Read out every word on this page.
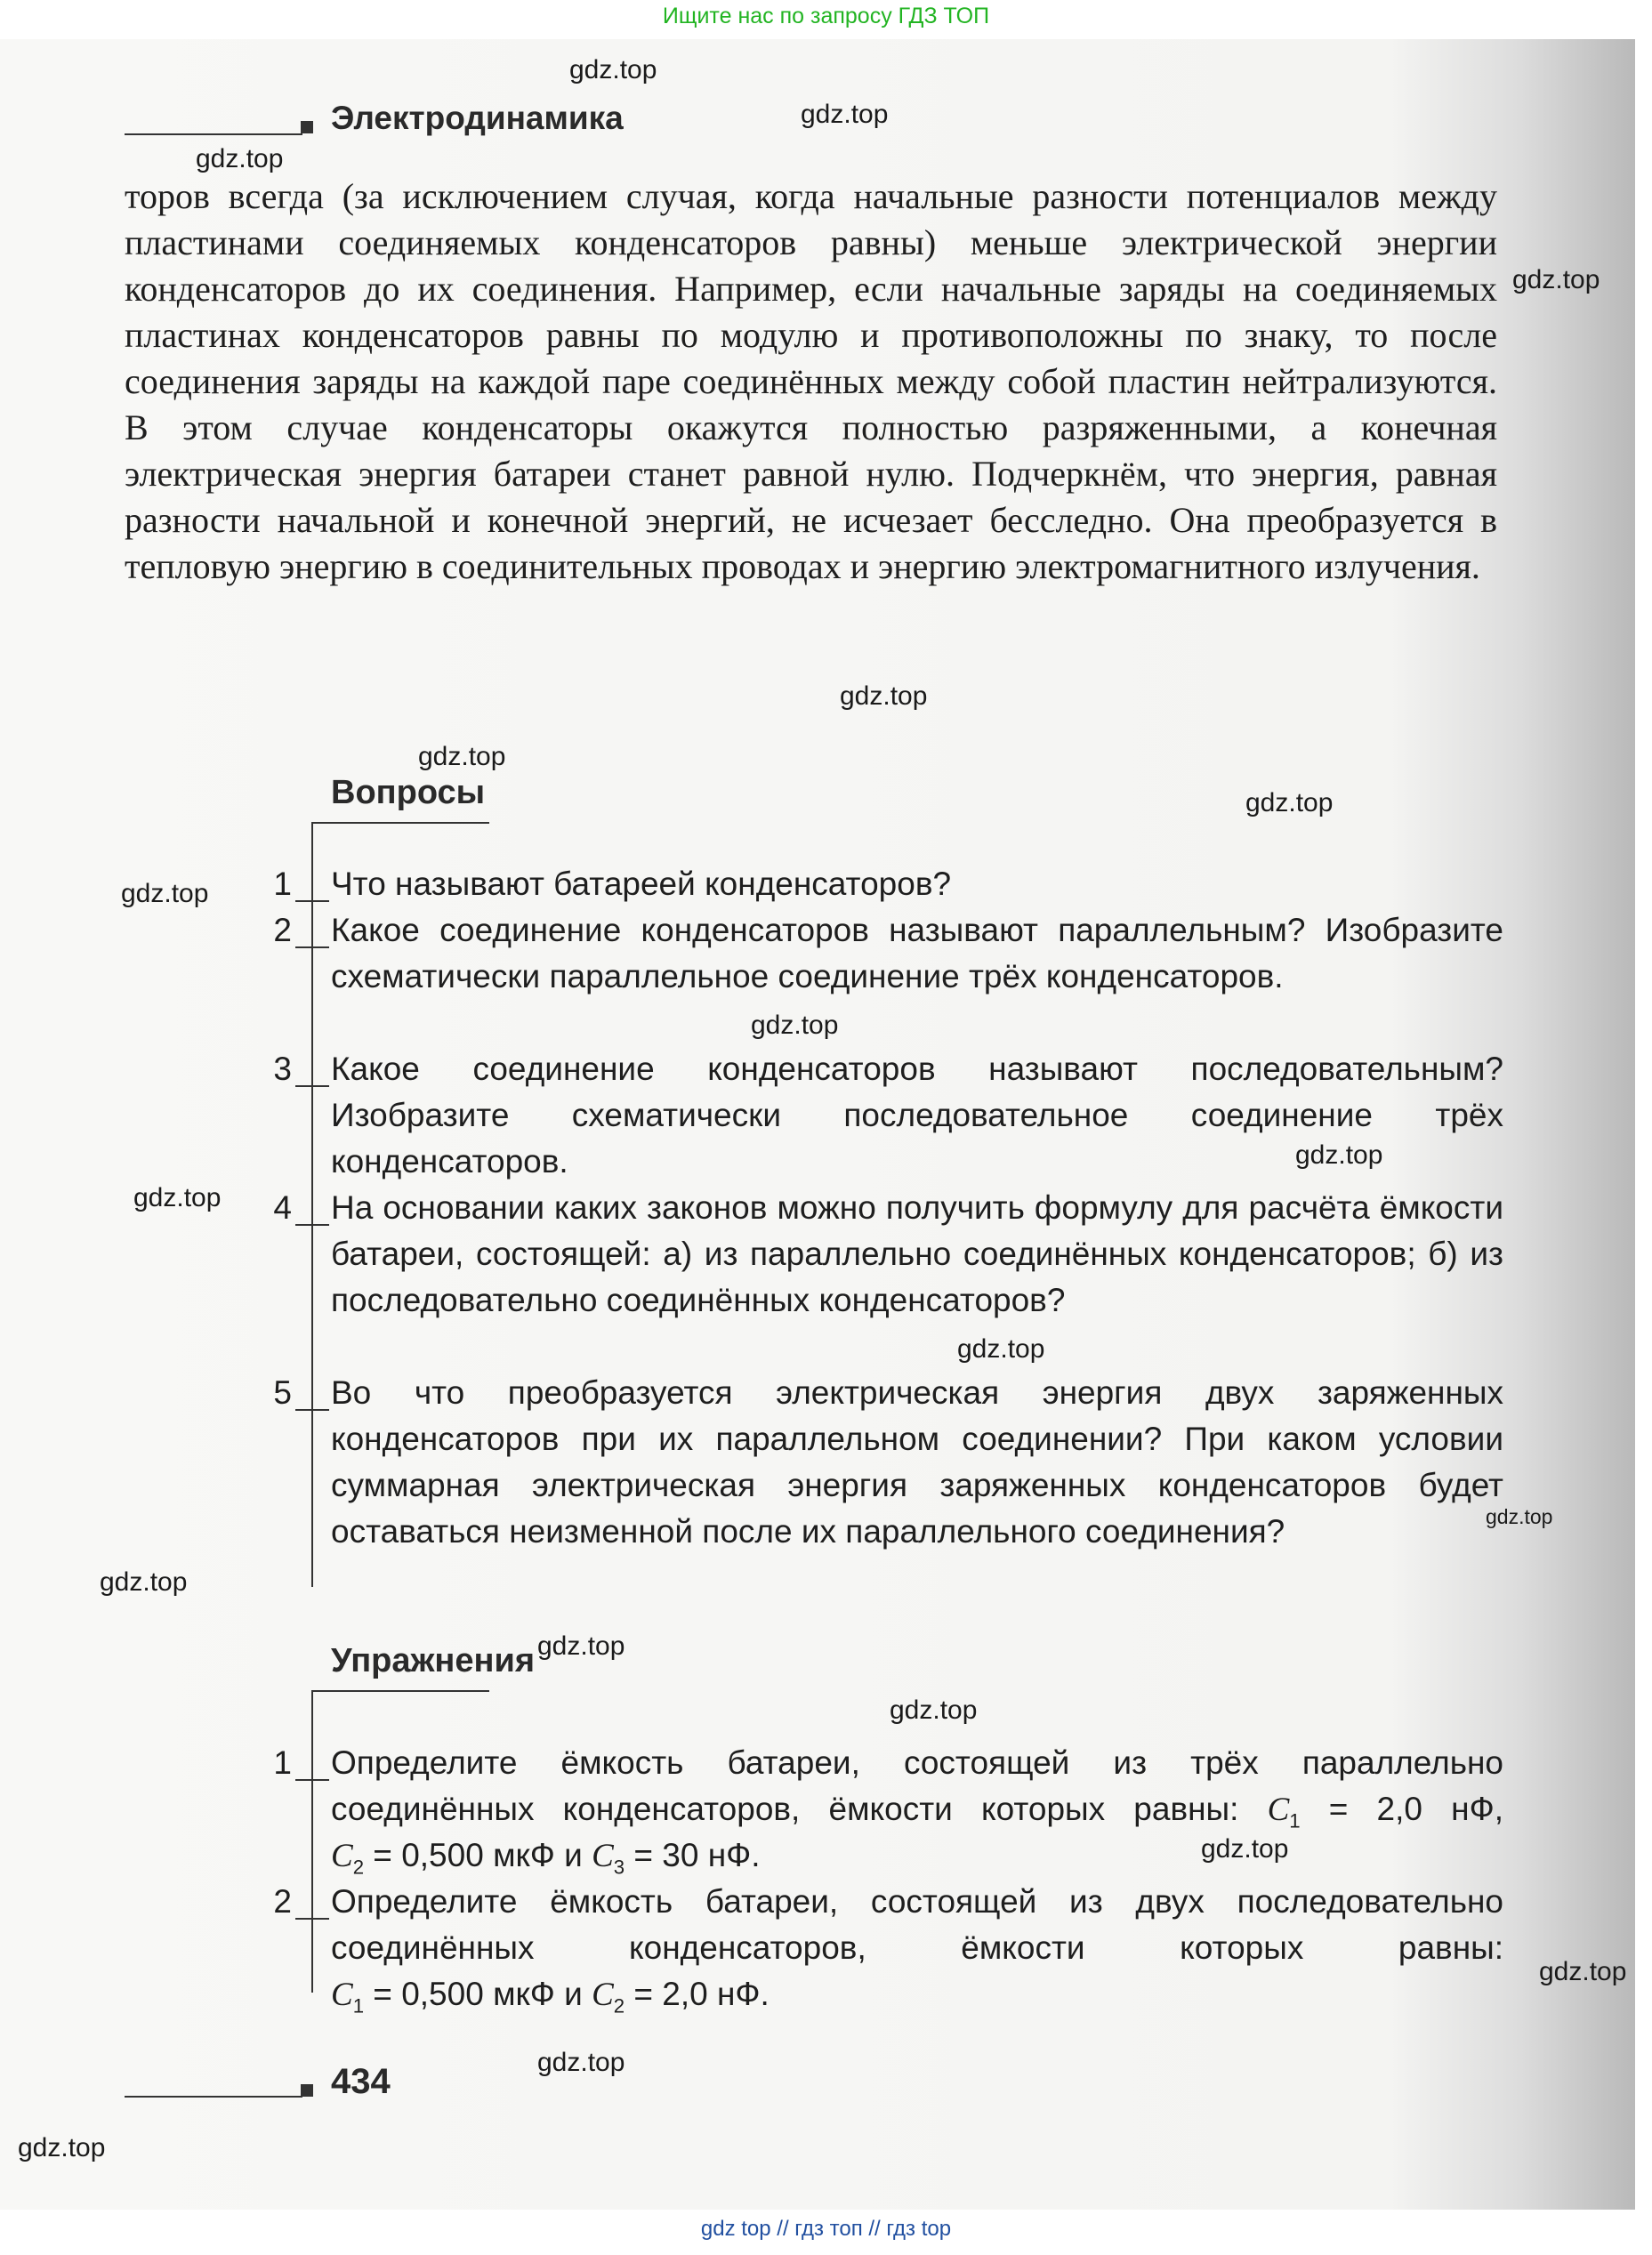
Ищите нас по запросу ГДЗ ТОП
Электродинамика
торов всегда (за исключением случая, когда начальные разности потенциалов между пластинами соединяемых конденсаторов равны) меньше электрической энергии конденсаторов до их соединения. Например, если начальные заряды на соединяемых пластинах конденсаторов равны по модулю и противоположны по знаку, то после соединения заряды на каждой паре соединённых между собой пластин нейтрализуются. В этом случае конденсаторы окажутся полностью разряженными, а конечная электрическая энергия батареи станет равной нулю. Подчеркнём, что энергия, равная разности начальной и конечной энергий, не исчезает бесследно. Она преобразуется в тепловую энергию в соединительных проводах и энергию электромагнитного излучения.
Вопросы
1 Что называют батареей конденсаторов?
2 Какое соединение конденсаторов называют параллельным? Изобразите схематически параллельное соединение трёх конденсаторов.
3 Какое соединение конденсаторов называют последовательным? Изобразите схематически последовательное соединение трёх конденсаторов.
4 На основании каких законов можно получить формулу для расчёта ёмкости батареи, состоящей: а) из параллельно соединённых конденсаторов; б) из последовательно соединённых конденсаторов?
5 Во что преобразуется электрическая энергия двух заряженных конденсаторов при их параллельном соединении? При каком условии суммарная электрическая энергия заряженных конденсаторов будет оставаться неизменной после их параллельного соединения?
Упражнения
1 Определите ёмкость батареи, состоящей из трёх параллельно соединённых конденсаторов, ёмкости которых равны: $C_1 = 2,0$ нФ,
$C_2 = 0,500$ мкФ и $C_3 = 30$ нФ.
2 Определите ёмкость батареи, состоящей из двух последовательно соединённых конденсаторов, ёмкости которых равны:
$C_1 = 0,500$ мкФ и $C_2 = 2,0$ нФ.
434
gdz.top
gdz.top
gdz.top
gdz.top
gdz.top
gdz.top
gdz.top
gdz.top
gdz.top
gdz.top
gdz.top
gdz.top
gdz.top
gdz.top
gdz.top
gdz.top
gdz.top
gdz.top
gdz.top
gdz.top
gdz top // гдз топ // гдз top
